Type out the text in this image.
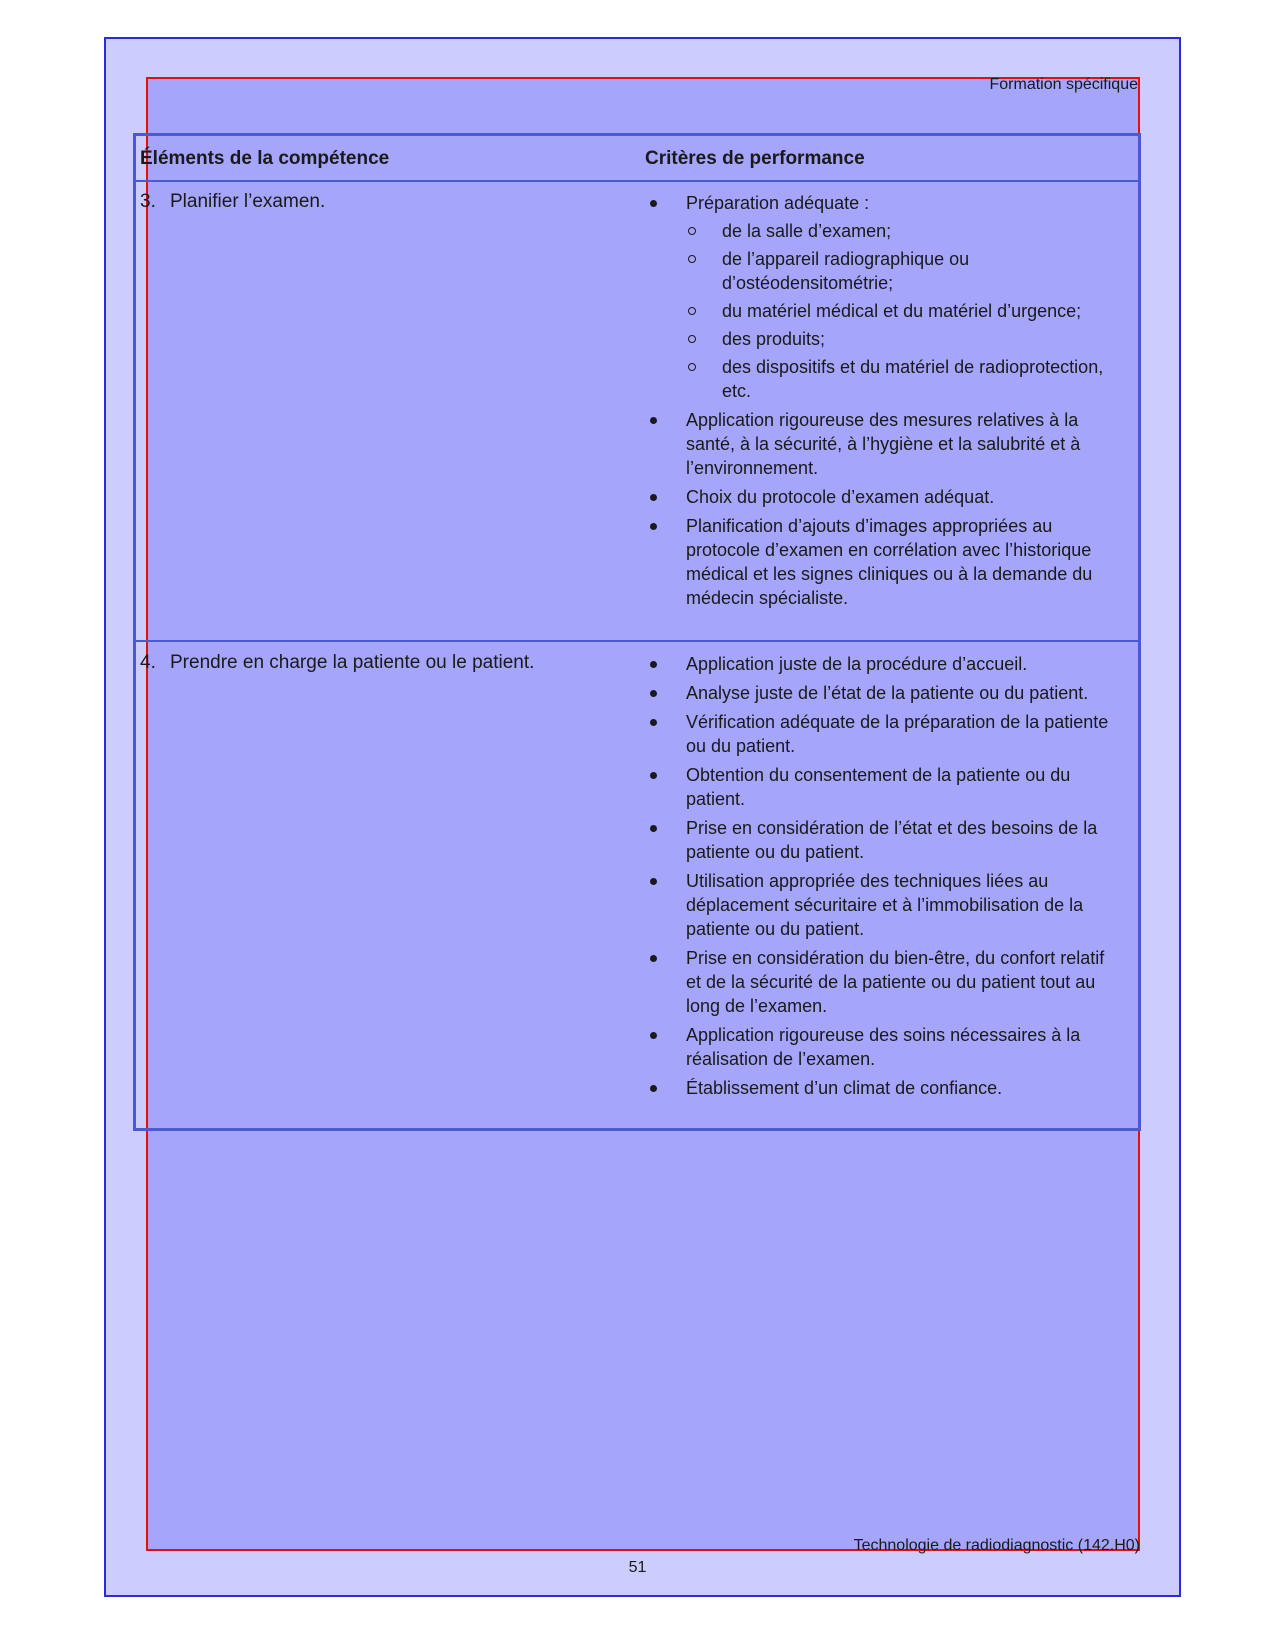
Formation spécifique
Éléments de la compétence	Critères de performance
3. Planifier l’examen.	Préparation adéquate :
de la salle d’examen;
de l’appareil radiographique ou d’ostéodensitométrie;
du matériel médical et du matériel d’urgence;
des produits;
des dispositifs et du matériel de radioprotection, etc.
Application rigoureuse des mesures relatives à la santé, à la sécurité, à l’hygiène et la salubrité et à l’environnement.
Choix du protocole d’examen adéquat.
Planification d’ajouts d’images appropriées au protocole d’examen en corrélation avec l’historique médical et les signes cliniques ou à la demande du médecin spécialiste.
4. Prendre en charge la patiente ou le patient.	Application juste de la procédure d’accueil.
Analyse juste de l’état de la patiente ou du patient.
Vérification adéquate de la préparation de la patiente ou du patient.
Obtention du consentement de la patiente ou du patient.
Prise en considération de l’état et des besoins de la patiente ou du patient.
Utilisation appropriée des techniques liées au déplacement sécuritaire et à l’immobilisation de la patiente ou du patient.
Prise en considération du bien-être, du confort relatif et de la sécurité de la patiente ou du patient tout au long de l’examen.
Application rigoureuse des soins nécessaires à la réalisation de l’examen.
Établissement d’un climat de confiance.
Technologie de radiodiagnostic (142.H0)
51
